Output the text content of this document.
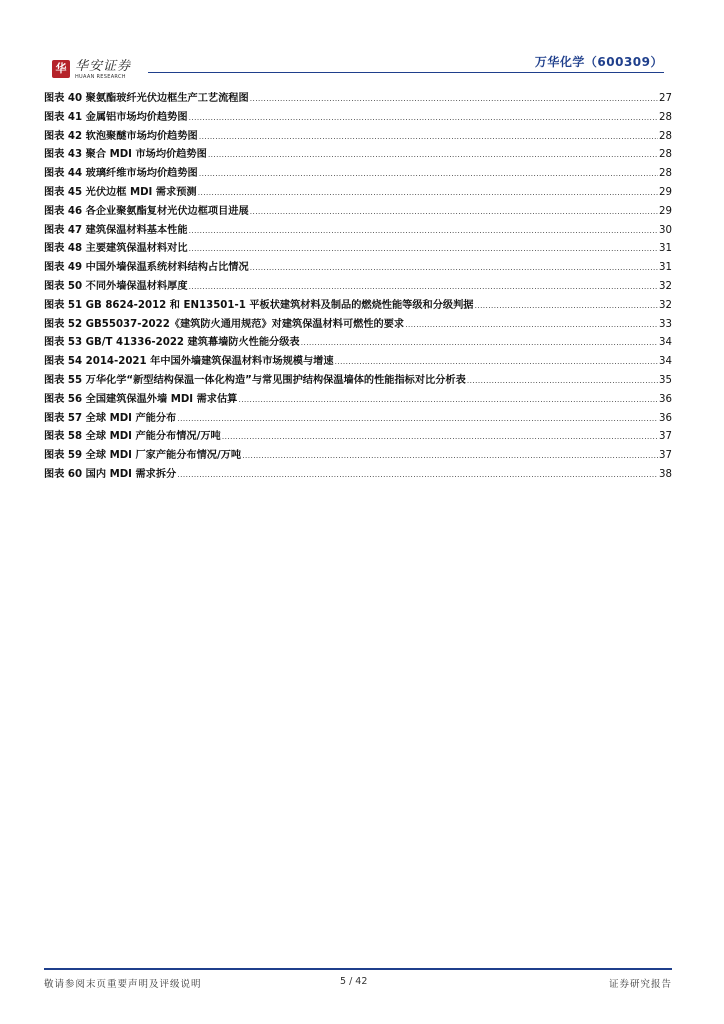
华 华安证券
HUAAN RESEARCH
万华化学（600309）
图表 40 聚氨酯玻纤光伏边框生产工艺流程图 .....	27
图表 41 金属铝市场均价趋势图 .....	28
图表 42 软泡聚醚市场均价趋势图 .....	28
图表 43 聚合 MDI 市场均价趋势图 .....	28
图表 44 玻璃纤维市场均价趋势图 .....	28
图表 45 光伏边框 MDI 需求预测 .....	29
图表 46 各企业聚氨酯复材光伏边框项目进展 .....	29
图表 47 建筑保温材料基本性能 .....	30
图表 48 主要建筑保温材料对比 .....	31
图表 49 中国外墙保温系统材料结构占比情况 .....	31
图表 50 不同外墙保温材料厚度 .....	32
图表 51 GB 8624-2012 和 EN13501-1 平板状建筑材料及制品的燃烧性能等级和分级判据 .....	32
图表 52 GB55037-2022《建筑防火通用规范》对建筑保温材料可燃性的要求 .....	33
图表 53 GB/T 41336-2022 建筑幕墙防火性能分级表 .....	34
图表 54 2014-2021 年中国外墙建筑保温材料市场规模与增速 .....	34
图表 55 万华化学“新型结构保温一体化构造”与常见围护结构保温墙体的性能指标对比分析表 .....	35
图表 56 全国建筑保温外墙 MDI 需求估算 .....	36
图表 57 全球 MDI 产能分布 .....	36
图表 58 全球 MDI 产能分布情况/万吨 .....	37
图表 59 全球 MDI 厂家产能分布情况/万吨 .....	37
图表 60 国内 MDI 需求拆分 .....	38
敬请参阅末页重要声明及评级说明	5 / 42	证券研究报告
